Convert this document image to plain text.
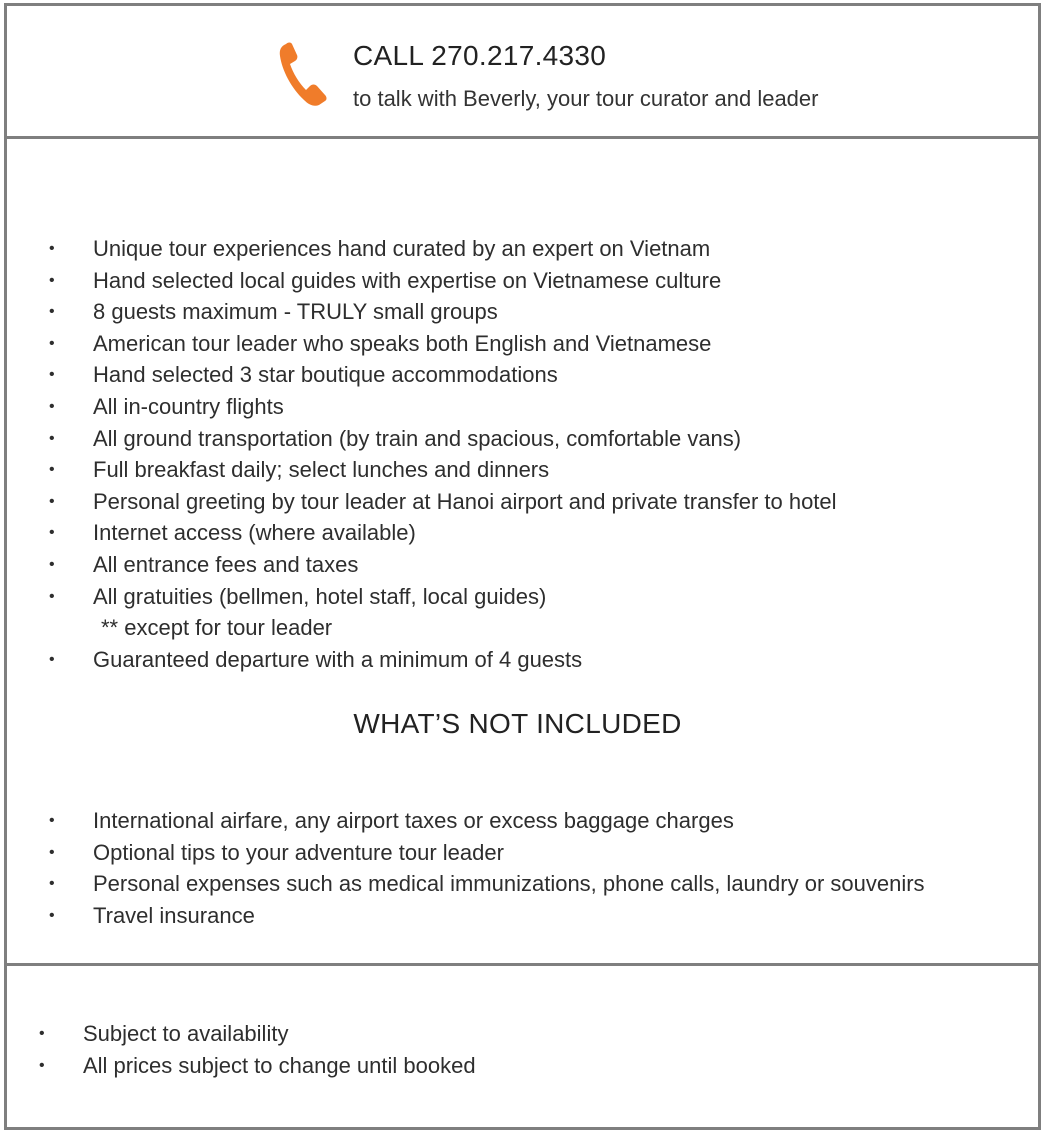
CALL 270.217.4330
to talk with Beverly, your tour curator and leader
• Unique tour experiences hand curated by an expert on Vietnam
• Hand selected local guides with expertise on Vietnamese culture
• 8 guests maximum - TRULY small groups
• American tour leader who speaks both English and Vietnamese
• Hand selected 3 star boutique accommodations
• All in-country flights
• All ground transportation (by train and spacious, comfortable vans)
• Full breakfast daily; select lunches and dinners
• Personal greeting by tour leader at Hanoi airport and private transfer to hotel
• Internet access (where available)
• All entrance fees and taxes
• All gratuities (bellmen, hotel staff, local guides)
** except for tour leader
• Guaranteed departure with a minimum of 4 guests
WHAT’S NOT INCLUDED
• International airfare, any airport taxes or excess baggage charges
• Optional tips to your adventure tour leader
• Personal expenses such as medical immunizations, phone calls, laundry or souvenirs
• Travel insurance
• Subject to availability
• All prices subject to change until booked
